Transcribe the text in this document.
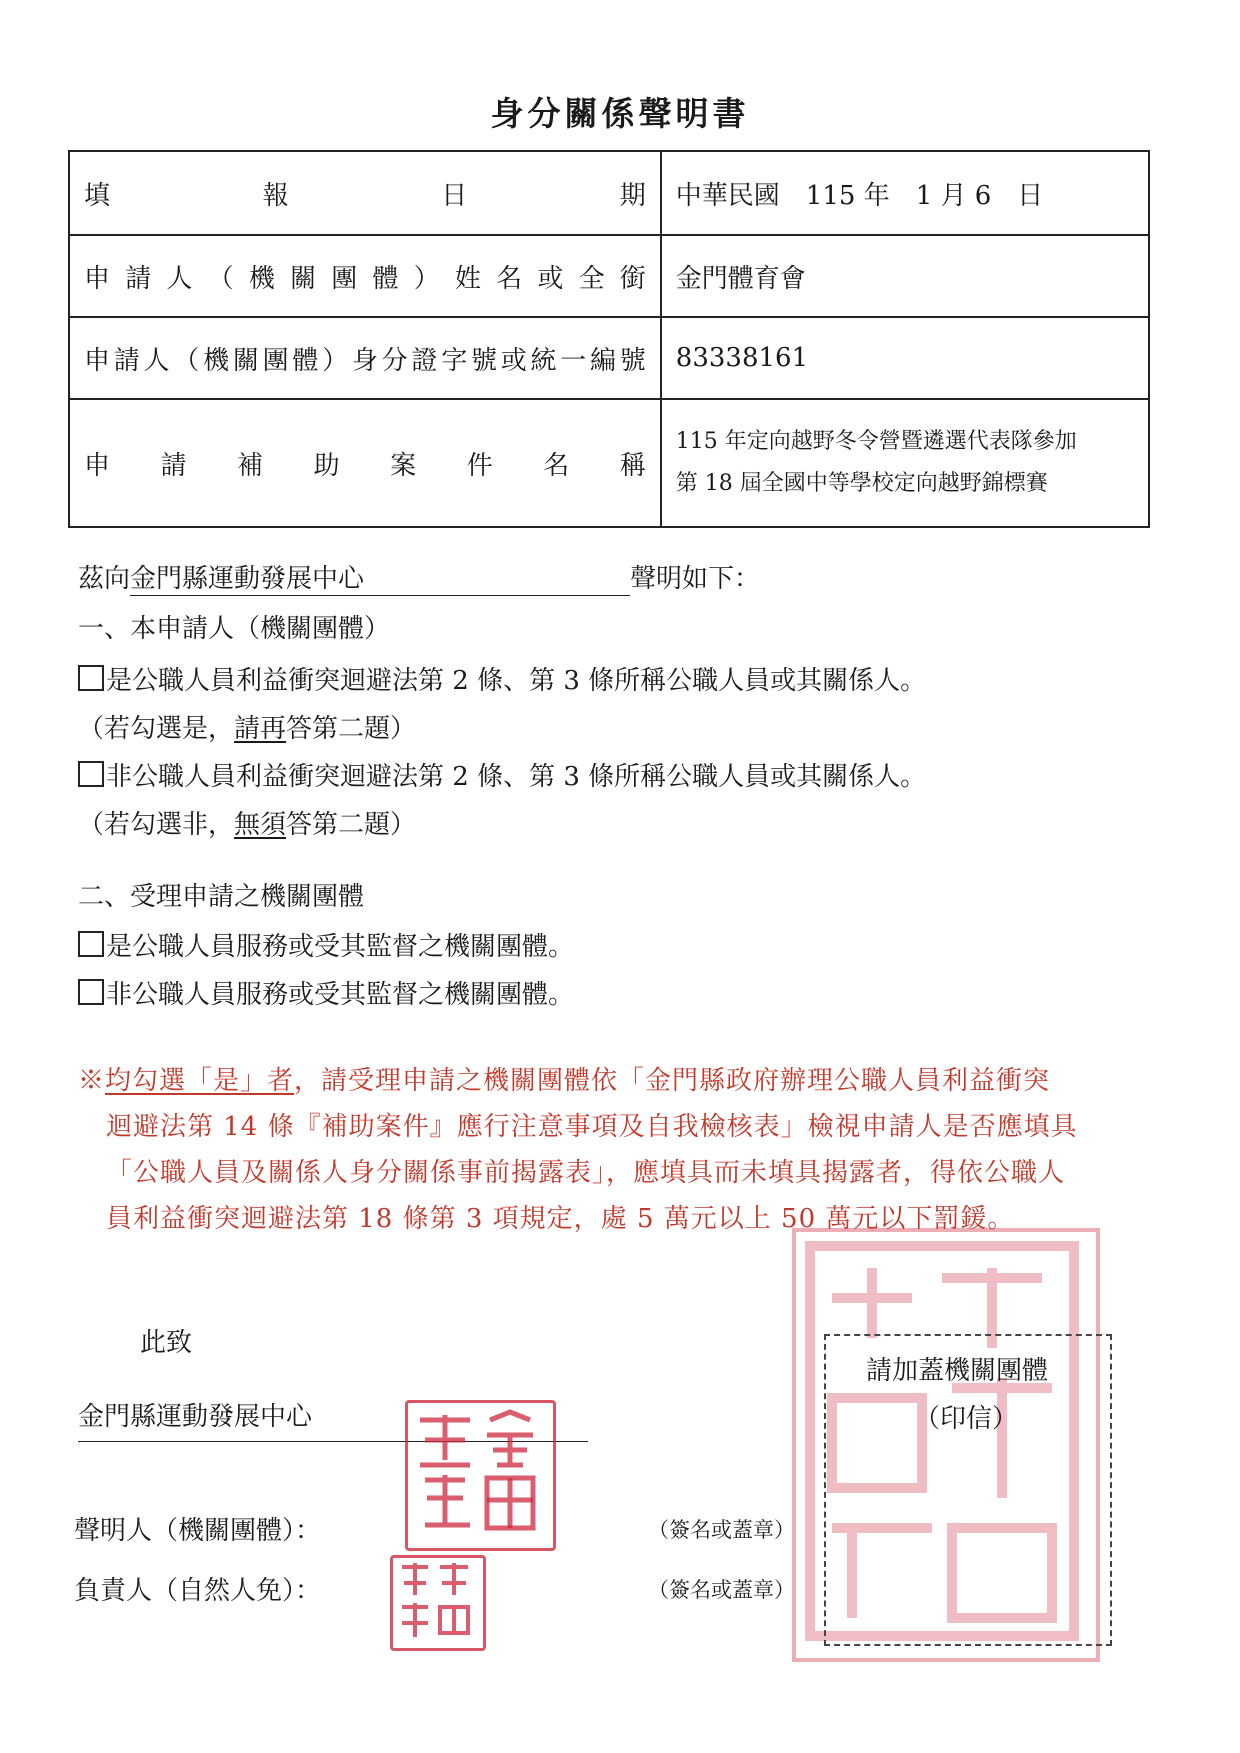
身分關係聲明書
填報日期	中華民國　115 年　1 月 6　日
申請人（機關團體）姓名或全銜	金門體育會
申請人（機關團體）身分證字號或統一編號	83338161
申請補助案件名稱	115 年定向越野冬令營暨遴選代表隊參加
第 18 屆全國中等學校定向越野錦標賽
茲向金門縣運動發展中心	聲明如下：
一、本申請人（機關團體）
是公職人員利益衝突迴避法第 2 條、第 3 條所稱公職人員或其關係人。
（若勾選是，請再答第二題）
非公職人員利益衝突迴避法第 2 條、第 3 條所稱公職人員或其關係人。
（若勾選非，無須答第二題）
二、受理申請之機關團體
是公職人員服務或受其監督之機關團體。
非公職人員服務或受其監督之機關團體。
※均勾選「是」者，請受理申請之機關團體依「金門縣政府辦理公職人員利益衝突
迴避法第 14 條『補助案件』應行注意事項及自我檢核表」檢視申請人是否應填具
「公職人員及關係人身分關係事前揭露表」，應填具而未填具揭露者，得依公職人
員利益衝突迴避法第 18 條第 3 項規定，處 5 萬元以上 50 萬元以下罰鍰。
請加蓋機關團體
（印信）
此致
金門縣運動發展中心
聲明人（機關團體）：
負責人（自然人免）：
（簽名或蓋章）
（簽名或蓋章）
